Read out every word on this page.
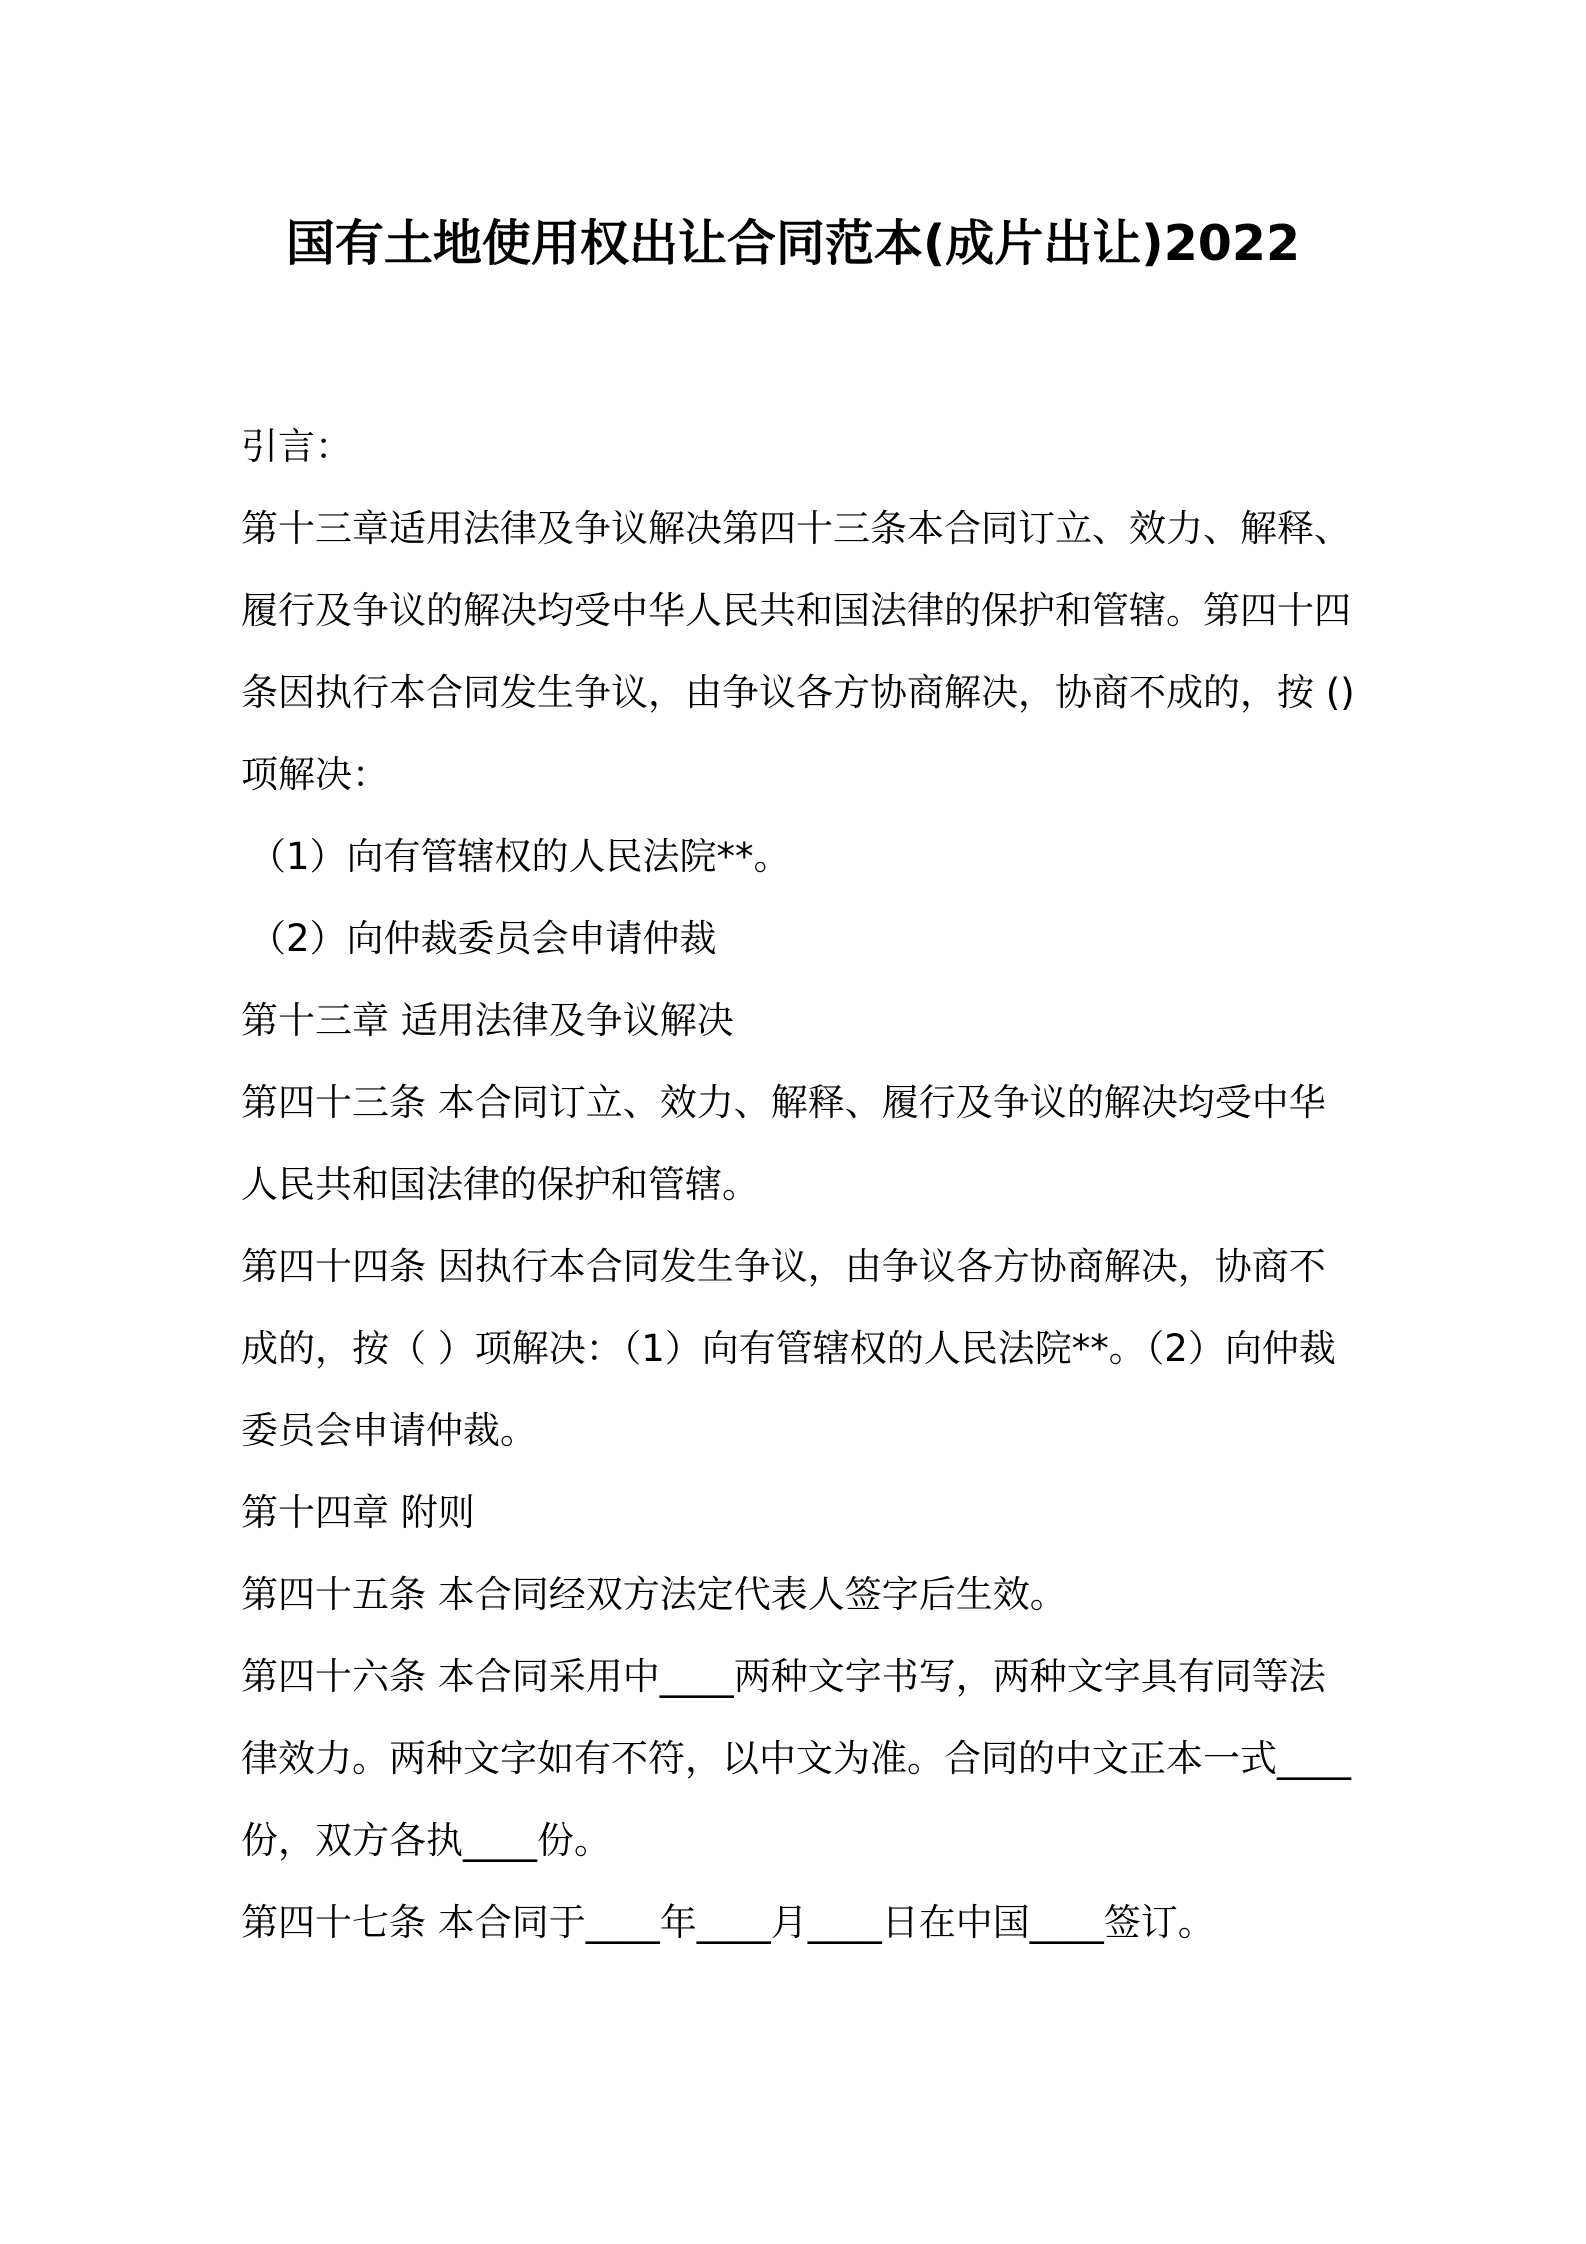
国有土地使用权出让合同范本(成片出让)2022
引言：
第十三章适用法律及争议解决第四十三条本合同订立、效力、解释、
履行及争议的解决均受中华人民共和国法律的保护和管辖。第四十四
条因执行本合同发生争议，由争议各方协商解决，协商不成的，按 ()
项解决：
（1）向有管辖权的人民法院**。
（2）向仲裁委员会申请仲裁
第十三章 适用法律及争议解决
第四十三条 本合同订立、效力、解释、履行及争议的解决均受中华
人民共和国法律的保护和管辖。
第四十四条 因执行本合同发生争议，由争议各方协商解决，协商不
成的，按（ ）项解决：（1）向有管辖权的人民法院**。（2）向仲裁
委员会申请仲裁。
第十四章 附则
第四十五条 本合同经双方法定代表人签字后生效。
第四十六条 本合同采用中____两种文字书写，两种文字具有同等法
律效力。两种文字如有不符，以中文为准。合同的中文正本一式____
份，双方各执____份。
第四十七条 本合同于____年____月____日在中国____签订。
